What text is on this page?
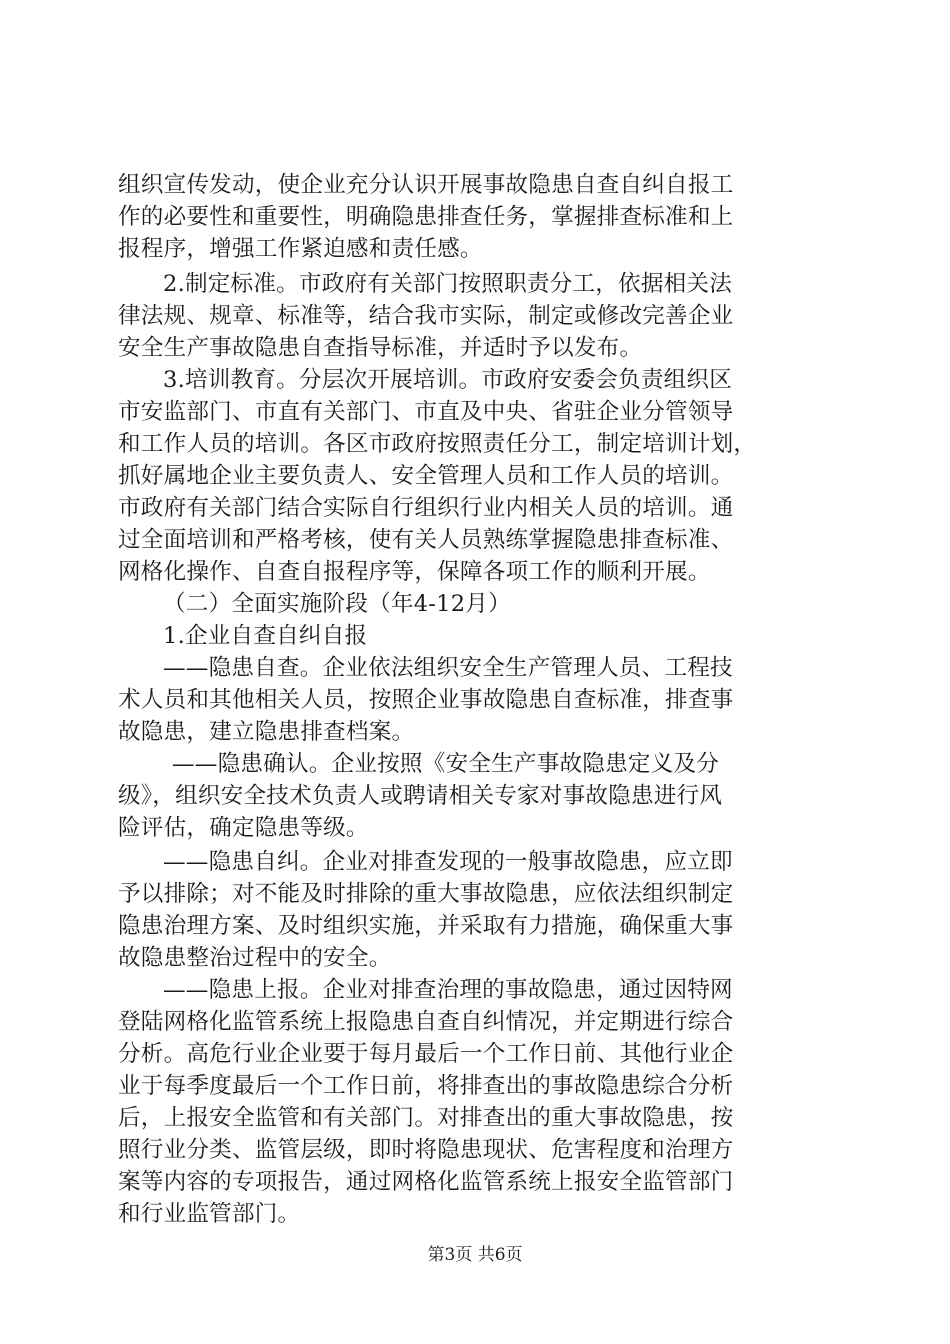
组织宣传发动，使企业充分认识开展事故隐患自查自纠自报工
作的必要性和重要性，明确隐患排查任务，掌握排查标准和上
报程序，增强工作紧迫感和责任感。
2.制定标准。市政府有关部门按照职责分工，依据相关法
律法规、规章、标准等，结合我市实际，制定或修改完善企业
安全生产事故隐患自查指导标准，并适时予以发布。
3.培训教育。分层次开展培训。市政府安委会负责组织区
市安监部门、市直有关部门、市直及中央、省驻企业分管领导
和工作人员的培训。各区市政府按照责任分工，制定培训计划，
抓好属地企业主要负责人、安全管理人员和工作人员的培训。
市政府有关部门结合实际自行组织行业内相关人员的培训。通
过全面培训和严格考核，使有关人员熟练掌握隐患排查标准、
网格化操作、自查自报程序等，保障各项工作的顺利开展。
（二）全面实施阶段（年4-12月）
1.企业自查自纠自报
——隐患自查。企业依法组织安全生产管理人员、工程技
术人员和其他相关人员，按照企业事故隐患自查标准，排查事
故隐患，建立隐患排查档案。
——隐患确认。企业按照《安全生产事故隐患定义及分
级》，组织安全技术负责人或聘请相关专家对事故隐患进行风
险评估，确定隐患等级。
——隐患自纠。企业对排查发现的一般事故隐患，应立即
予以排除；对不能及时排除的重大事故隐患，应依法组织制定
隐患治理方案、及时组织实施，并采取有力措施，确保重大事
故隐患整治过程中的安全。
——隐患上报。企业对排查治理的事故隐患，通过因特网
登陆网格化监管系统上报隐患自查自纠情况，并定期进行综合
分析。高危行业企业要于每月最后一个工作日前、其他行业企
业于每季度最后一个工作日前，将排查出的事故隐患综合分析
后，上报安全监管和有关部门。对排查出的重大事故隐患，按
照行业分类、监管层级，即时将隐患现状、危害程度和治理方
案等内容的专项报告，通过网格化监管系统上报安全监管部门
和行业监管部门。
第3页 共6页
